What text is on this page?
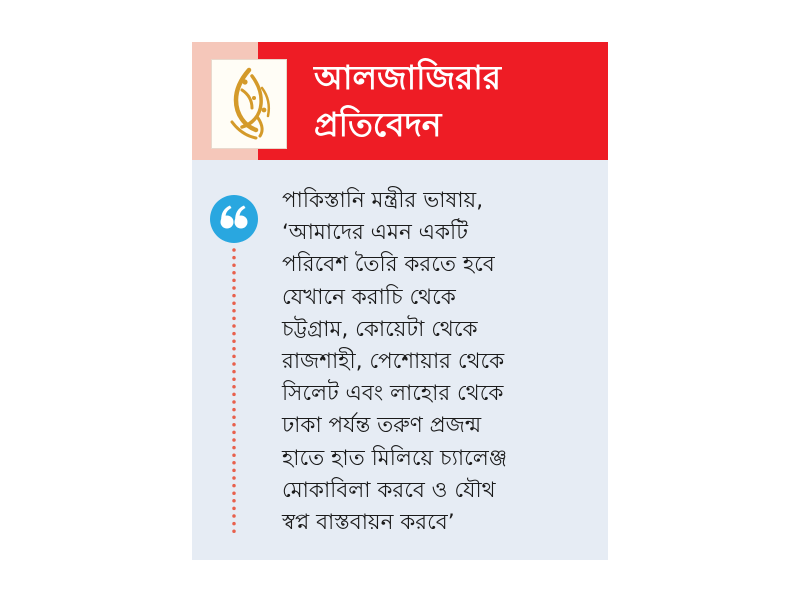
আলজাজিরার
প্রতিবেদন
পাকিস্তানি মন্ত্রীর ভাষায়,
‘আমাদের এমন একটি
পরিবেশ তৈরি করতে হবে
যেখানে করাচি থেকে
চট্টগ্রাম, কোয়েটা থেকে
রাজশাহী, পেশোয়ার থেকে
সিলেট এবং লাহোর থেকে
ঢাকা পর্যন্ত তরুণ প্রজন্ম
হাতে হাত মিলিয়ে চ্যালেঞ্জ
মোকাবিলা করবে ও যৌথ
স্বপ্ন বাস্তবায়ন করবে’
